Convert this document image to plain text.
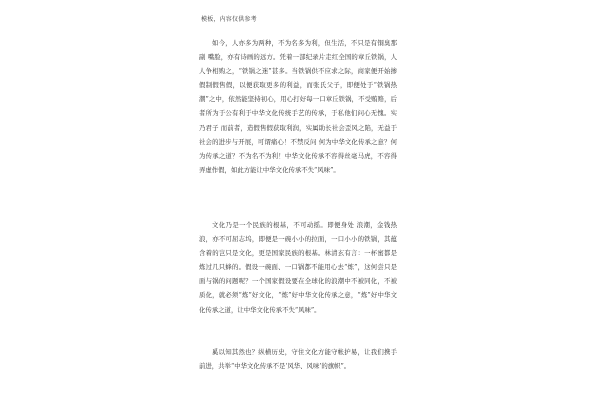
模板，内容仅供参考

如今，人亦多为两种，不为名多为利，但生活，不只是有铜臭那副 嘴脸，亦有诗画的远方。凭着一部纪录片走红全国的章丘铁锅，人人争相购之，“铁锅之迷”甚多。当铁锅供不应求之际，商家便开始掺假制假售假，以便获取更多的利益，而张氏父子，即便处于“铁锅热潮”之中，依然能坚持初心，用心打好每一口章丘铁锅，不受贿赂，后者所为于公有利于中华文化传统手艺的传承，于私他们问心无愧。实乃君子 而前者，造假售假获取利润，实属助长社会歪风之陷，无益于社会的进步与开展，可谓痛心！不禁反问 何为中华文化传承之意？何为传承之道？不为名不为利！中华文化传承不容得丝毫马虎，不容得弄虚作假，如此方能让中华文化传承不失“风味”。

文化乃是一个民族的根基，不可动摇。即便身处 浪潮，金钱热浪，亦不可屈志坞，即便是一碗小小的拉面，一口小小的铁锅，其蕴含着的岂只是文化，更是国家民族的根基。林清玄有言：一杯蜜都是炼过几只蜂的。假设一碗面、一口锅都不能用心去“炼”，这何尝只是面与锅的问题呢？一个国家假设要在全球化的浪潮中不被同化，不被质化，就必须“炼”好文化，“炼”好中华文化传承之意，“炼”好中华文化传承之道，让中华文化传承不失“风味”。

奚以知其然也？纵横历史，守住文化方能守帐护易，让我们携手前进，共举“中华文化传承不是‘风华、风味’的旗帜”。
